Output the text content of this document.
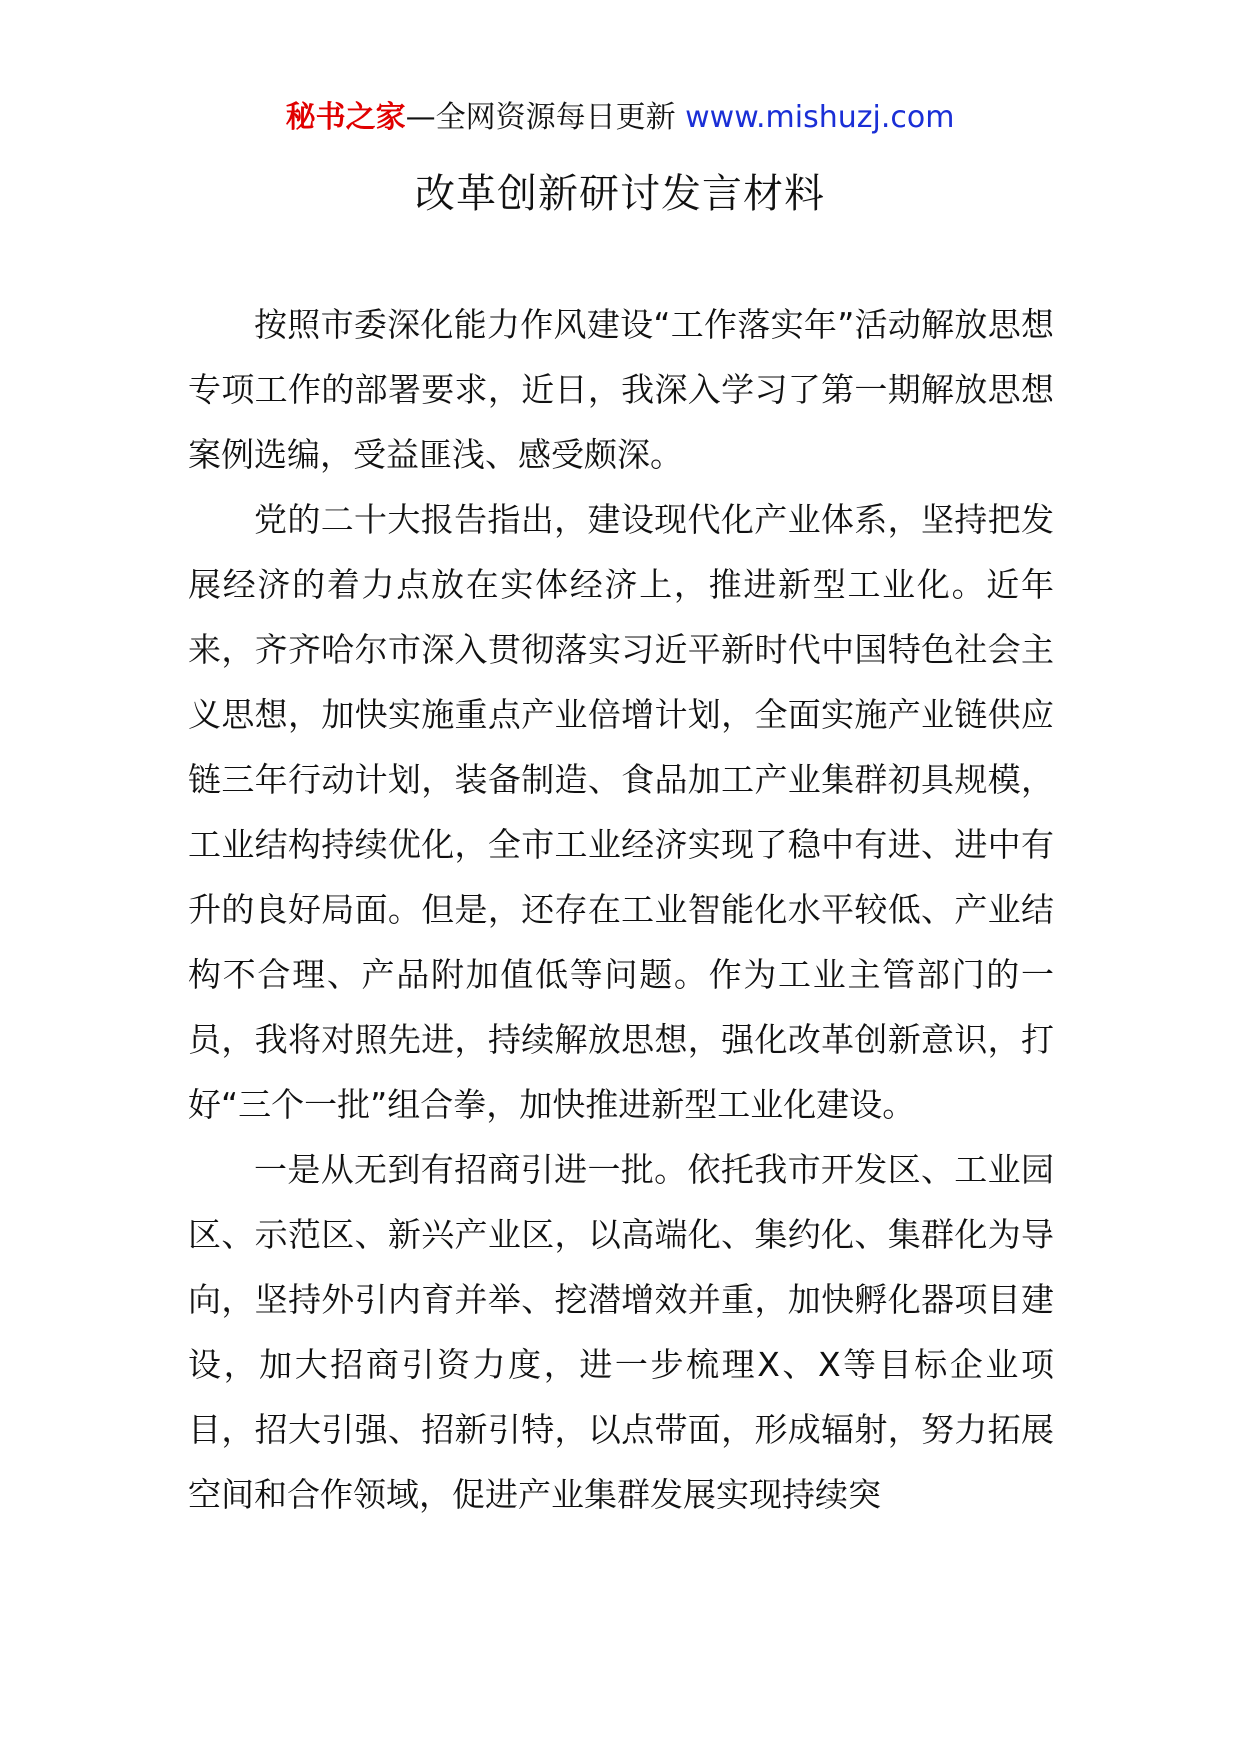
秘书之家—全网资源每日更新 www.mishuzj.com
改革创新研讨发言材料

按照市委深化能力作风建设“工作落实年”活动解放思想专项工作的部署要求，近日，我深入学习了第一期解放思想案例选编，受益匪浅、感受颇深。

党的二十大报告指出，建设现代化产业体系，坚持把发展经济的着力点放在实体经济上，推进新型工业化。近年来，齐齐哈尔市深入贯彻落实习近平新时代中国特色社会主义思想，加快实施重点产业倍增计划，全面实施产业链供应链三年行动计划，装备制造、食品加工产业集群初具规模，工业结构持续优化，全市工业经济实现了稳中有进、进中有升的良好局面。但是，还存在工业智能化水平较低、产业结构不合理、产品附加值低等问题。作为工业主管部门的一员，我将对照先进，持续解放思想，强化改革创新意识，打好“三个一批”组合拳，加快推进新型工业化建设。

一是从无到有招商引进一批。依托我市开发区、工业园区、示范区、新兴产业区，以高端化、集约化、集群化为导向，坚持外引内育并举、挖潜增效并重，加快孵化器项目建设，加大招商引资力度，进一步梳理X、X等目标企业项目，招大引强、招新引特，以点带面，形成辐射，努力拓展空间和合作领域，促进产业集群发展实现持续突
